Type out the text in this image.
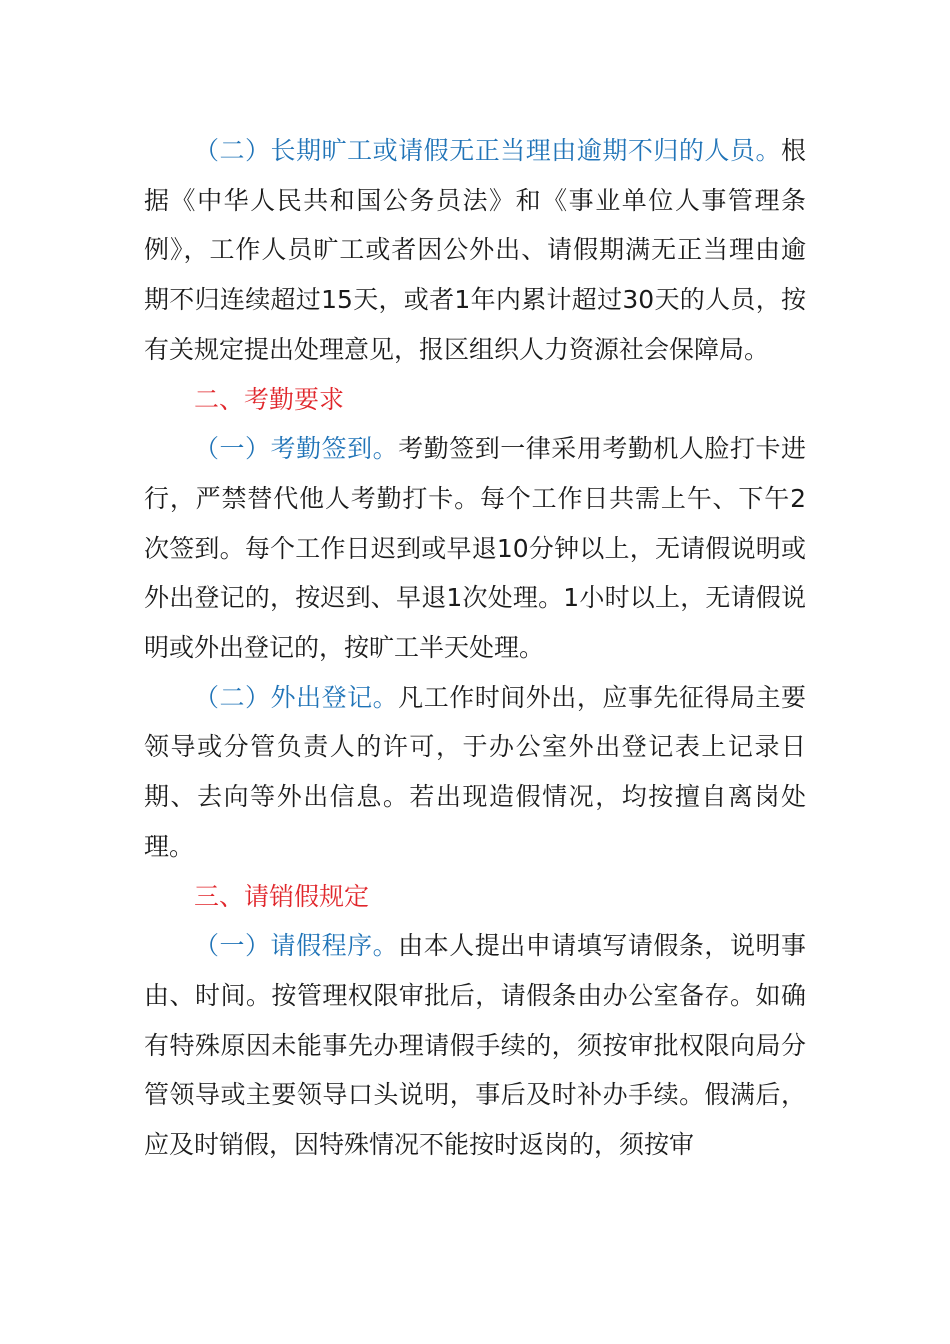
（二）长期旷工或请假无正当理由逾期不归的人员。根据《中华人民共和国公务员法》和《事业单位人事管理条例》，工作人员旷工或者因公外出、请假期满无正当理由逾期不归连续超过15天，或者1年内累计超过30天的人员，按有关规定提出处理意见，报区组织人力资源社会保障局。

二、考勤要求

（一）考勤签到。考勤签到一律采用考勤机人脸打卡进行，严禁替代他人考勤打卡。每个工作日共需上午、下午2次签到。每个工作日迟到或早退10分钟以上，无请假说明或外出登记的，按迟到、早退1次处理。1小时以上，无请假说明或外出登记的，按旷工半天处理。

（二）外出登记。凡工作时间外出，应事先征得局主要领导或分管负责人的许可，于办公室外出登记表上记录日期、去向等外出信息。若出现造假情况，均按擅自离岗处理。

三、请销假规定

（一）请假程序。由本人提出申请填写请假条，说明事由、时间。按管理权限审批后，请假条由办公室备存。如确有特殊原因未能事先办理请假手续的，须按审批权限向局分管领导或主要领导口头说明，事后及时补办手续。假满后，应及时销假，因特殊情况不能按时返岗的，须按审
